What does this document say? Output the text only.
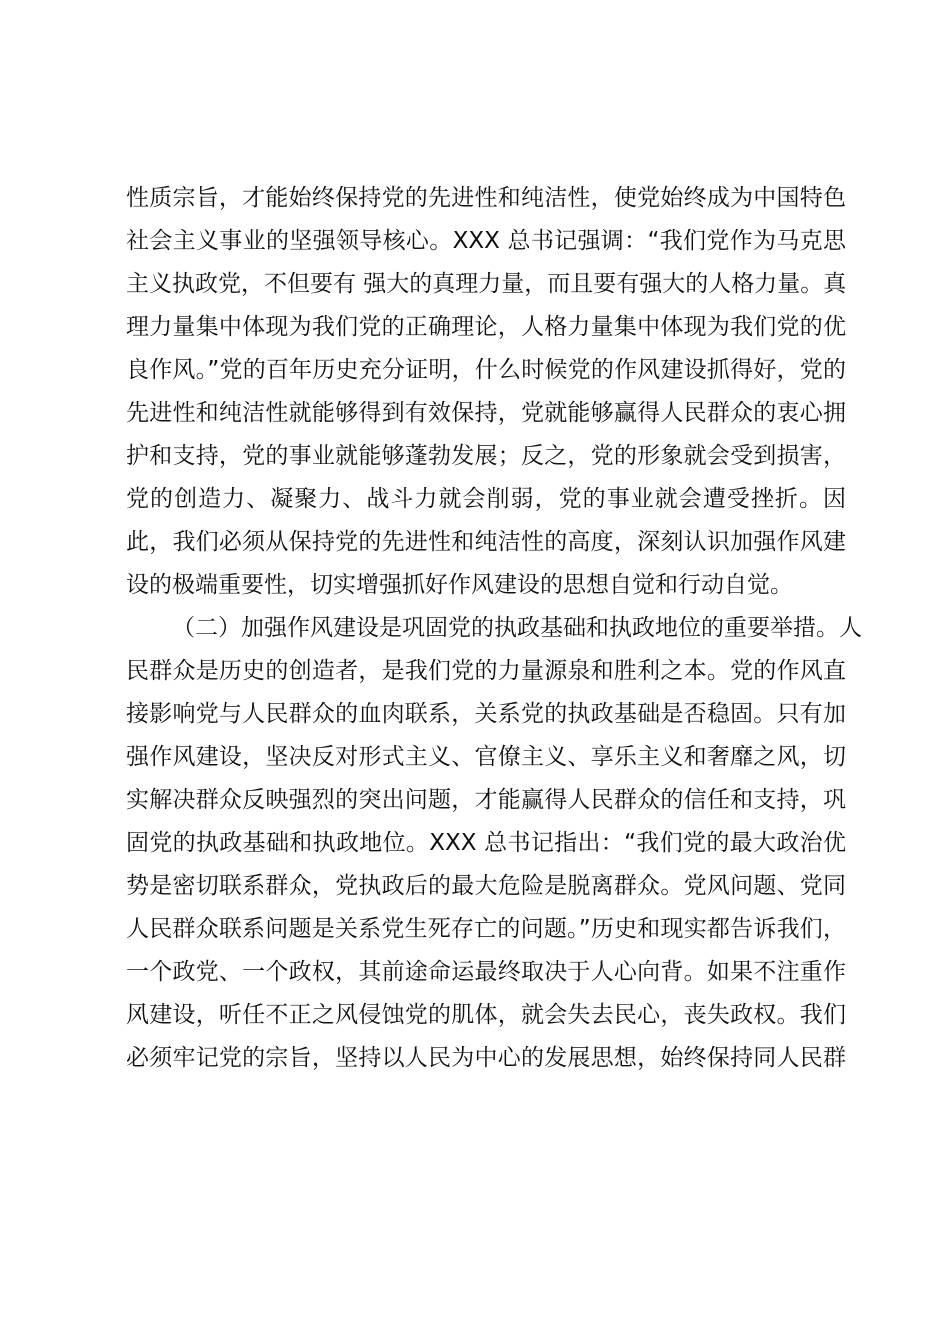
性质宗旨，才能始终保持党的先进性和纯洁性，使党始终成为中国特色
社会主义事业的坚强领导核心。XXX 总书记强调：“我们党作为马克思
主义执政党，不但要有 强大的真理力量，而且要有强大的人格力量。真
理力量集中体现为我们党的正确理论，人格力量集中体现为我们党的优
良作风。”党的百年历史充分证明，什么时候党的作风建设抓得好，党的
先进性和纯洁性就能够得到有效保持，党就能够赢得人民群众的衷心拥
护和支持，党的事业就能够蓬勃发展；反之，党的形象就会受到损害，
党的创造力、凝聚力、战斗力就会削弱，党的事业就会遭受挫折。因
此，我们必须从保持党的先进性和纯洁性的高度，深刻认识加强作风建
设的极端重要性，切实增强抓好作风建设的思想自觉和行动自觉。
（二）加强作风建设是巩固党的执政基础和执政地位的重要举措。人
民群众是历史的创造者，是我们党的力量源泉和胜利之本。党的作风直
接影响党与人民群众的血肉联系，关系党的执政基础是否稳固。只有加
强作风建设，坚决反对形式主义、官僚主义、享乐主义和奢靡之风，切
实解决群众反映强烈的突出问题，才能赢得人民群众的信任和支持，巩
固党的执政基础和执政地位。XXX 总书记指出：“我们党的最大政治优
势是密切联系群众，党执政后的最大危险是脱离群众。党风问题、党同
人民群众联系问题是关系党生死存亡的问题。”历史和现实都告诉我们，
一个政党、一个政权，其前途命运最终取决于人心向背。如果不注重作
风建设，听任不正之风侵蚀党的肌体，就会失去民心，丧失政权。我们
必须牢记党的宗旨，坚持以人民为中心的发展思想，始终保持同人民群
